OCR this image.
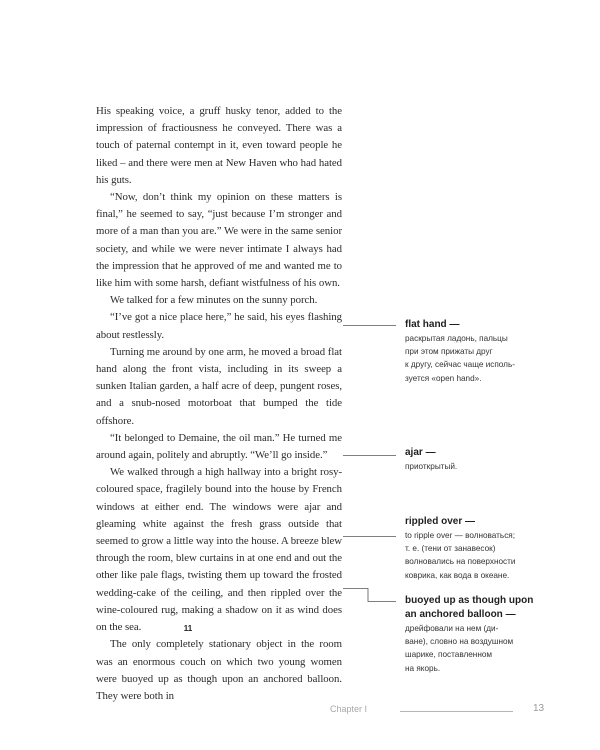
His speaking voice, a gruff husky tenor, added to the impression of fractiousness he conveyed. There was a touch of paternal contempt in it, even toward people he liked – and there were men at New Haven who had hated his guts.

“Now, don’t think my opinion on these matters is final,” he seemed to say, “just because I’m stronger and more of a man than you are.” We were in the same senior society, and while we were never intimate I always had the impression that he approved of me and wanted me to like him with some harsh, defiant wistfulness of his own.

We talked for a few minutes on the sunny porch.

“I’ve got a nice place here,” he said, his eyes flashing about restlessly.

Turning me around by one arm, he moved a broad flat hand along the front vista, including in its sweep a sunken Italian garden, a half acre of deep, pungent roses, and a snub-nosed motorboat that bumped the tide offshore.

“It belonged to Demaine, the oil man.” He turned me around again, politely and abruptly. “We’ll go inside.”

We walked through a high hallway into a bright rosy-coloured space, fragilely bound into the house by French windows at either end. The windows were ajar and gleaming white against the fresh grass outside that seemed to grow a little way into the house. A breeze blew through the room, blew curtains in at one end and out the other like pale flags, twisting them up toward the frosted wedding-cake of the ceiling, and then rippled over the wine-coloured rug, making a shadow on it as wind does on the sea.

The only completely stationary object in the room was an enormous couch on which two young women were buoyed up as though upon an anchored balloon. They were both in

11
flat hand —
раскрытая ладонь, пальцы
при этом прижаты друг
к другу, сейчас чаще исполь-
зуется «open hand».
ajar —
приоткрытый.
rippled over —
to ripple over — волноваться;
т. е. (тени от занавесок)
волновались на поверхности
коврика, как вода в океане.
buoyed up as though upon
an anchored balloon —
дрейфовали на нем (ди-
ване), словно на воздушном
шарике, поставленном
на якорь.
Chapter I	13
